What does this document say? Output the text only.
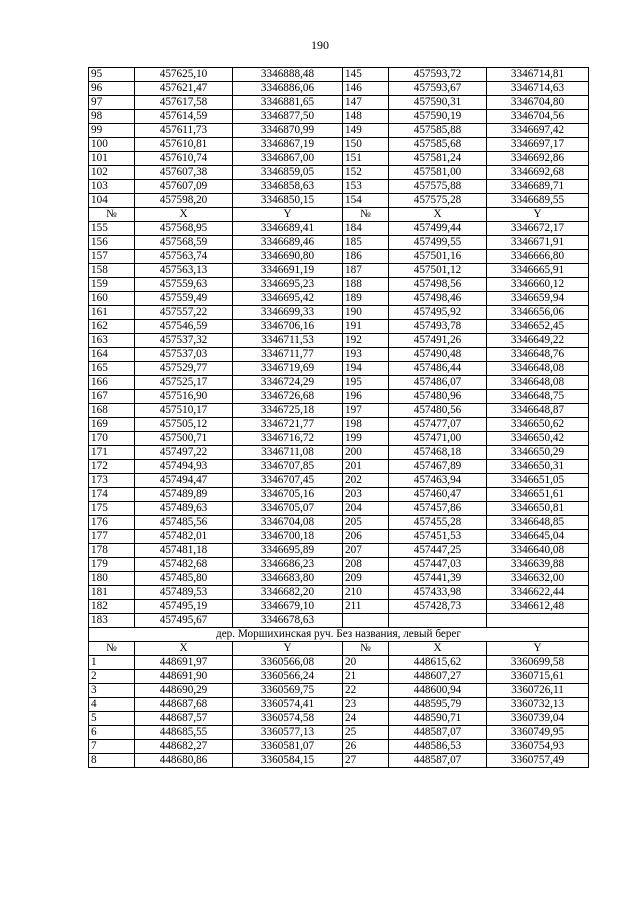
190
95	457625,10	3346888,48	145	457593,72	3346714,81
96	457621,47	3346886,06	146	457593,67	3346714,63
97	457617,58	3346881,65	147	457590,31	3346704,80
98	457614,59	3346877,50	148	457590,19	3346704,56
99	457611,73	3346870,99	149	457585,88	3346697,42
100	457610,81	3346867,19	150	457585,68	3346697,17
101	457610,74	3346867,00	151	457581,24	3346692,86
102	457607,38	3346859,05	152	457581,00	3346692,68
103	457607,09	3346858,63	153	457575,88	3346689,71
104	457598,20	3346850,15	154	457575,28	3346689,55
№	X	Y	№	X	Y
155	457568,95	3346689,41	184	457499,44	3346672,17
156	457568,59	3346689,46	185	457499,55	3346671,91
157	457563,74	3346690,80	186	457501,16	3346666,80
158	457563,13	3346691,19	187	457501,12	3346665,91
159	457559,63	3346695,23	188	457498,56	3346660,12
160	457559,49	3346695,42	189	457498,46	3346659,94
161	457557,22	3346699,33	190	457495,92	3346656,06
162	457546,59	3346706,16	191	457493,78	3346652,45
163	457537,32	3346711,53	192	457491,26	3346649,22
164	457537,03	3346711,77	193	457490,48	3346648,76
165	457529,77	3346719,69	194	457486,44	3346648,08
166	457525,17	3346724,29	195	457486,07	3346648,08
167	457516,90	3346726,68	196	457480,96	3346648,75
168	457510,17	3346725,18	197	457480,56	3346648,87
169	457505,12	3346721,77	198	457477,07	3346650,62
170	457500,71	3346716,72	199	457471,00	3346650,42
171	457497,22	3346711,08	200	457468,18	3346650,29
172	457494,93	3346707,85	201	457467,89	3346650,31
173	457494,47	3346707,45	202	457463,94	3346651,05
174	457489,89	3346705,16	203	457460,47	3346651,61
175	457489,63	3346705,07	204	457457,86	3346650,81
176	457485,56	3346704,08	205	457455,28	3346648,85
177	457482,01	3346700,18	206	457451,53	3346645,04
178	457481,18	3346695,89	207	457447,25	3346640,08
179	457482,68	3346686,23	208	457447,03	3346639,88
180	457485,80	3346683,80	209	457441,39	3346632,00
181	457489,53	3346682,20	210	457433,98	3346622,44
182	457495,19	3346679,10	211	457428,73	3346612,48
183	457495,67	3346678,63			
дер. Моршихинская руч. Без названия, левый берег					
№	X	Y	№	X	Y
1	448691,97	3360566,08	20	448615,62	3360699,58
2	448691,90	3360566,24	21	448607,27	3360715,61
3	448690,29	3360569,75	22	448600,94	3360726,11
4	448687,68	3360574,41	23	448595,79	3360732,13
5	448687,57	3360574,58	24	448590,71	3360739,04
6	448685,55	3360577,13	25	448587,07	3360749,95
7	448682,27	3360581,07	26	448586,53	3360754,93
8	448680,86	3360584,15	27	448587,07	3360757,49
